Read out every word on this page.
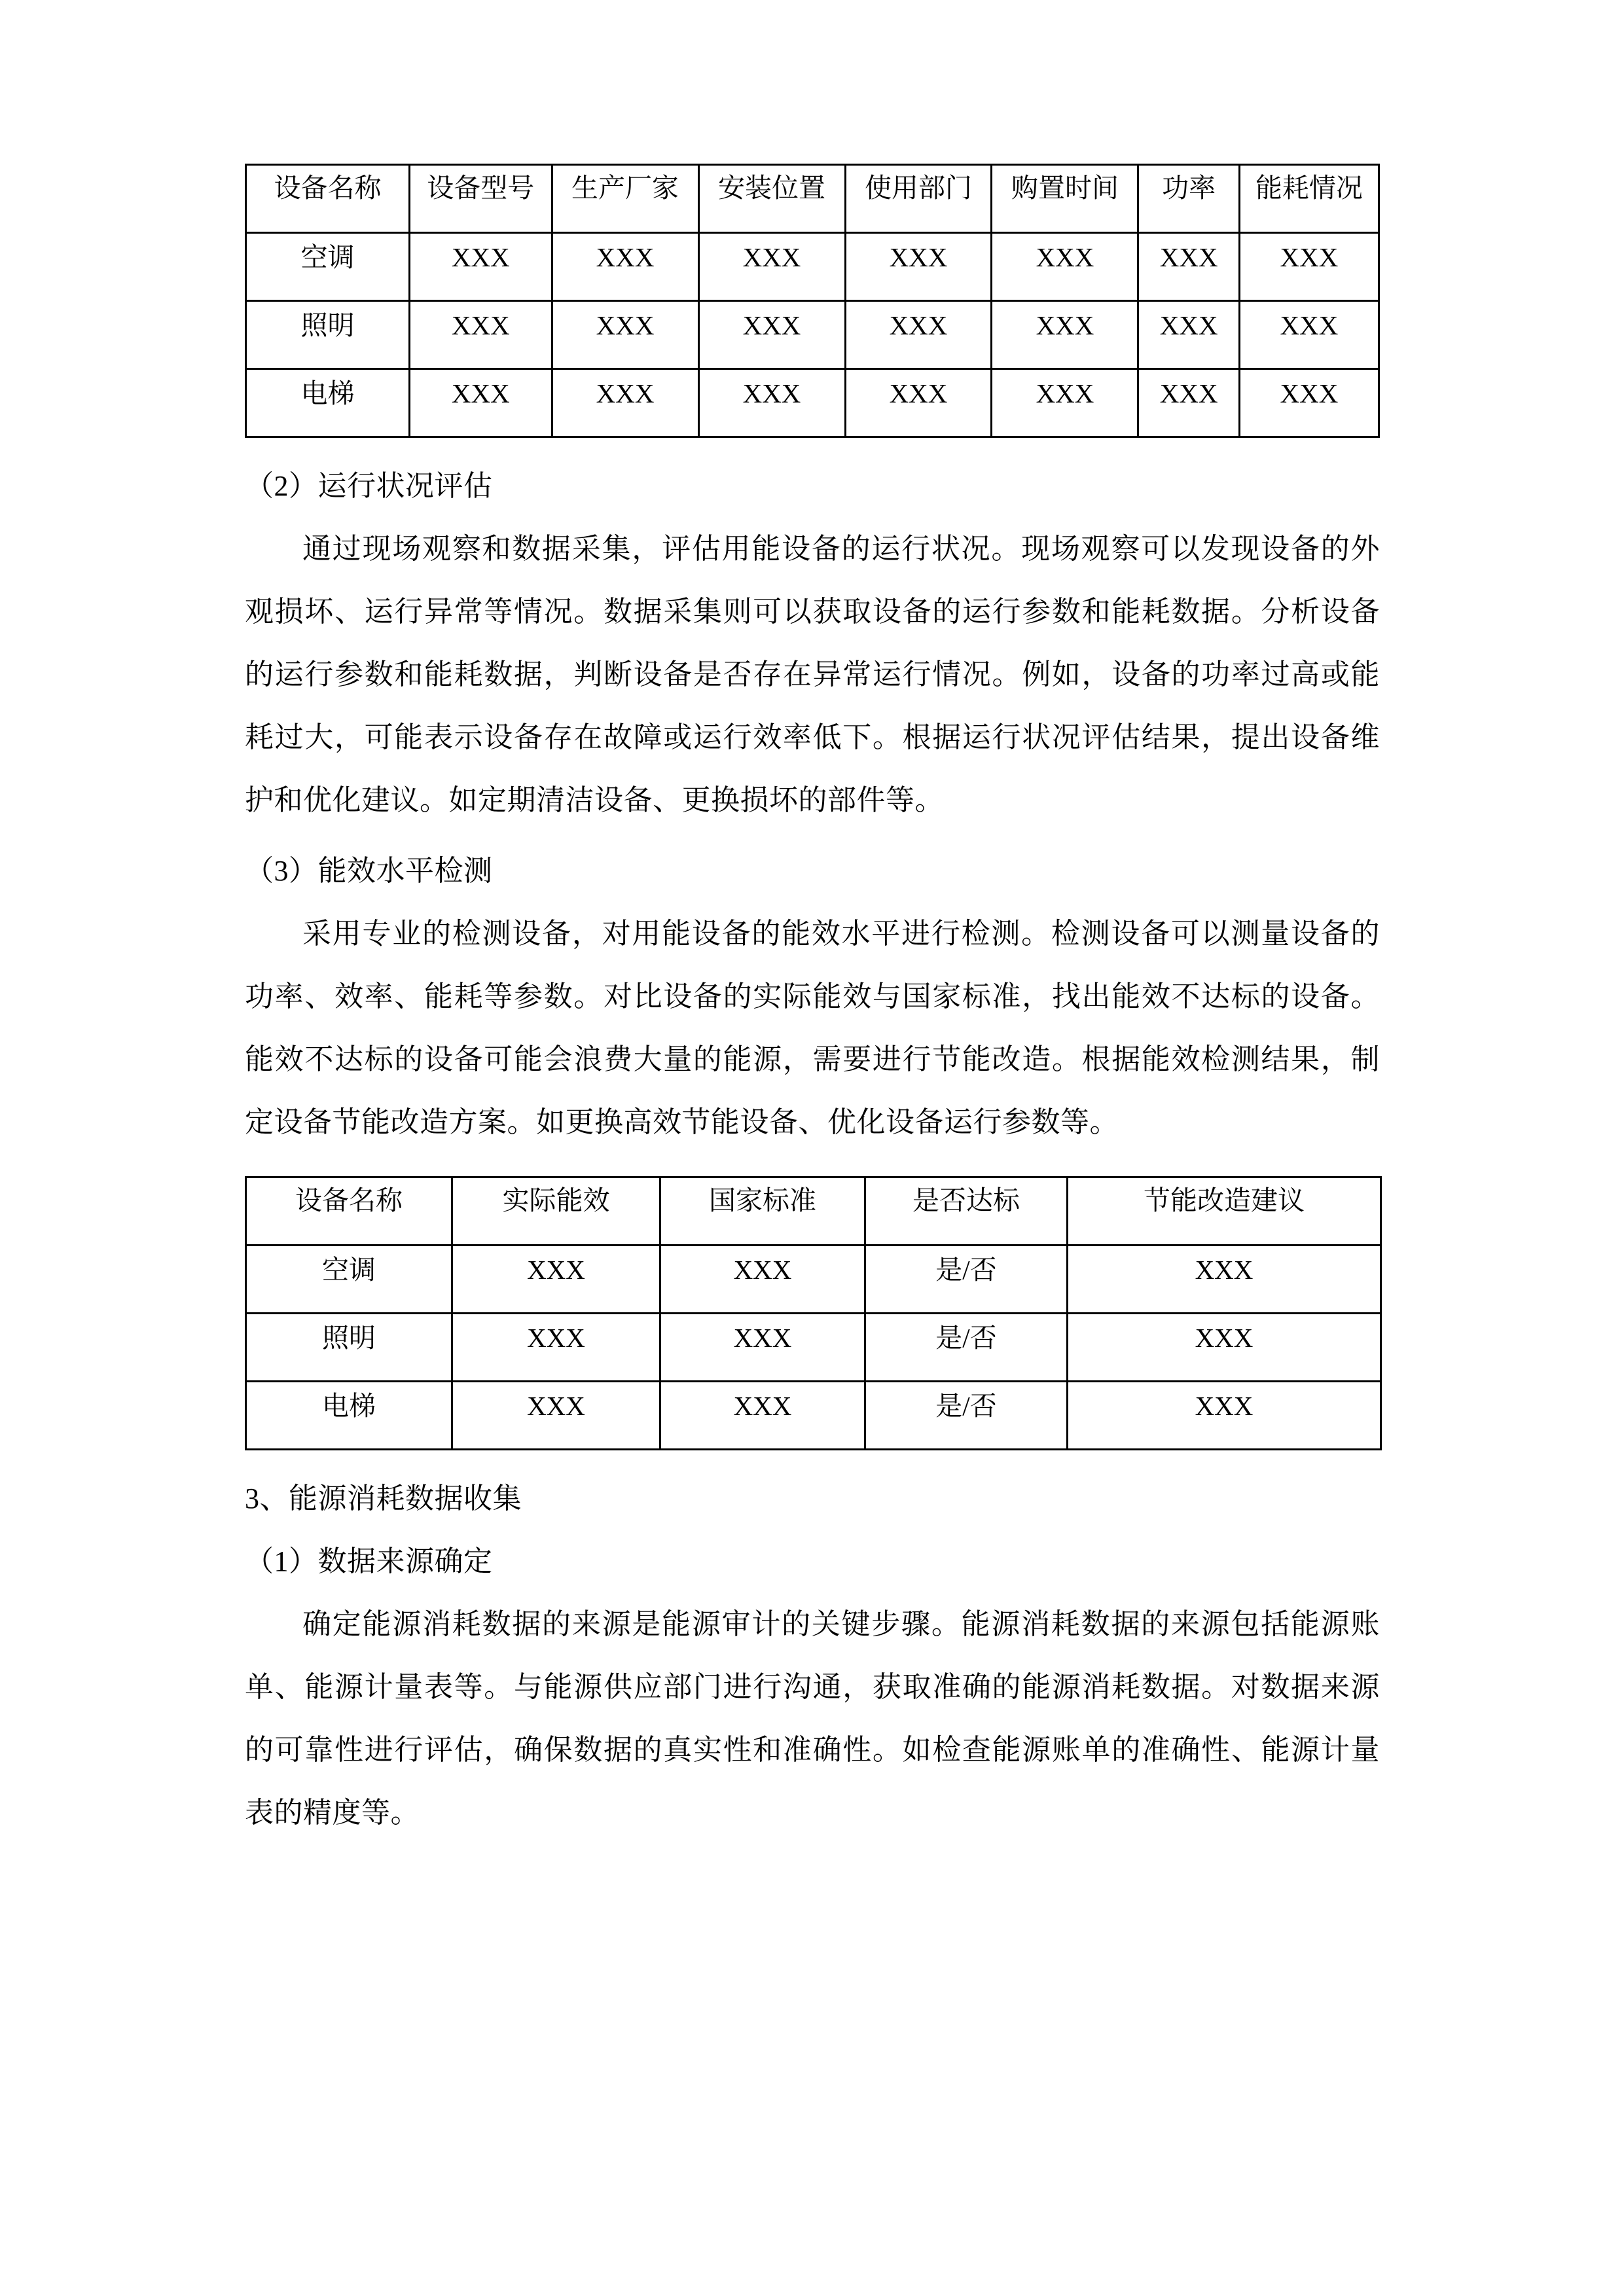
设备名称	设备型号	生产厂家	安装位置	使用部门	购置时间	功率	能耗情况
空调	XXX	XXX	XXX	XXX	XXX	XXX	XXX
照明	XXX	XXX	XXX	XXX	XXX	XXX	XXX
电梯	XXX	XXX	XXX	XXX	XXX	XXX	XXX

（2）运行状况评估

通过现场观察和数据采集，评估用能设备的运行状况。现场观察可以发现设备的外观损坏、运行异常等情况。数据采集则可以获取设备的运行参数和能耗数据。分析设备的运行参数和能耗数据，判断设备是否存在异常运行情况。例如，设备的功率过高或能耗过大，可能表示设备存在故障或运行效率低下。根据运行状况评估结果，提出设备维护和优化建议。如定期清洁设备、更换损坏的部件等。

（3）能效水平检测

采用专业的检测设备，对用能设备的能效水平进行检测。检测设备可以测量设备的功率、效率、能耗等参数。对比设备的实际能效与国家标准，找出能效不达标的设备。能效不达标的设备可能会浪费大量的能源，需要进行节能改造。根据能效检测结果，制定设备节能改造方案。如更换高效节能设备、优化设备运行参数等。

设备名称	实际能效	国家标准	是否达标	节能改造建议
空调	XXX	XXX	是/否	XXX
照明	XXX	XXX	是/否	XXX
电梯	XXX	XXX	是/否	XXX

3、能源消耗数据收集

（1）数据来源确定

确定能源消耗数据的来源是能源审计的关键步骤。能源消耗数据的来源包括能源账单、能源计量表等。与能源供应部门进行沟通，获取准确的能源消耗数据。对数据来源的可靠性进行评估，确保数据的真实性和准确性。如检查能源账单的准确性、能源计量表的精度等。
